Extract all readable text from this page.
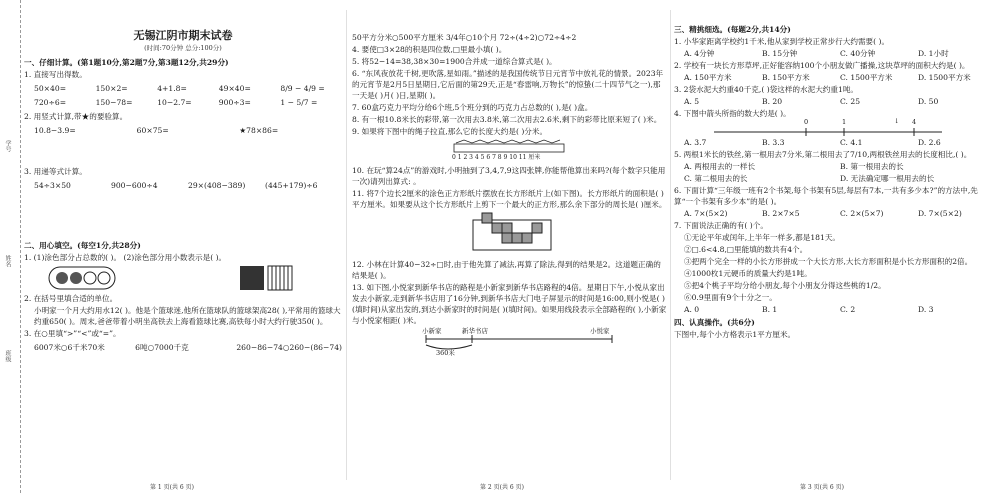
学号
姓名
班级
无锡江阴市期末试卷
(时间:70分钟 总分:100分)
一、仔细计算。(第1题10分,第2题7分,第3题12分,共29分)
1. 直接写出得数。
50×40=	150×2=	4+1.8=	49×40=	8/9 − 4/9 =
720÷6=	150−78=	10−2.7=	900÷3=	1 − 5/7 =
2. 用竖式计算,带★的要验算。
10.8−3.9=	60×75=	★78×86=
3. 用递等式计算。
54÷3×50	900−600÷4	29×(408−389)	(445+179)÷6
二、用心填空。(每空1分,共28分)
1. (1)涂色部分占总数的( )。 (2)涂色部分用小数表示是( )。
2. 在括号里填合适的单位。
小明家一个月大约用水12( )。他是个篮球迷,他所在篮球队的篮球架高28( ),平常用的篮球大约重650( )。周末,爸爸带着小明坐高铁去上海看篮球比赛,高铁每小时大约行驶350( )。
3. 在○里填“>”“<”或“=”。
6007米○6千米70米	6吨○7000千克	260−86−74○260−(86−74)
第 1 页(共 6 页)
50平方分米○500平方厘米 3/4年○10个月 72÷(4÷2)○72÷4÷2
4. 要使□3×28的积是四位数,□里最小填( )。
5. 将52−14=38,38×30=1900合并成一道综合算式是( )。
6. “东风夜放花千树,更吹落,星如雨。”描述的是我国传统节日元宵节中放礼花的情景。2023年的元宵节是2月5日星期日,它后面的第29天,正是“春雷响,万物长”的惊蛰(二十四节气之一),那一天是( )月( )日,星期( )。
7. 60盒巧克力平均分给6个班,5个班分到的巧克力占总数的( ),是( )盒。
8. 有一根10.8米长的彩带,第一次用去3.8米,第二次用去2.6米,剩下的彩带比原来短了( )米。
9. 如果将下图中的绳子拉直,那么它的长度大约是( )分米。
0 1 2 3 4 5 6 7 8 9 10 11 厘米
10. 在玩“算24点”的游戏时,小明抽到了3,4,7,9这四张牌,你能帮他算出来吗?(每个数字只能用一次)请列出算式: 。
11. 将7个边长2厘米的涂色正方形纸片摆放在长方形纸片上(如下图)。长方形纸片的面积是( )平方厘米。如果要从这个长方形纸片上剪下一个最大的正方形,那么余下部分的周长是( )厘米。
12. 小林在计算40−32÷□时,由于他先算了减法,再算了除法,得到的结果是2。这道题正确的结果是( )。
13. 如下图,小悦家到新华书店的路程是小新家到新华书店路程的4倍。星期日下午,小悦从家出发去小新家,走到新华书店用了16分钟,到新华书店大门电子屏显示的时间是16:00,则小悦是( )(填时间)从家出发的,到达小新家时的时间是( )(填时间)。如果用线段表示全部路程的( ),小新家与小悦家相距( )米。
小新家	新华书店	小悦家
360米
第 2 页(共 6 页)
三、精挑细选。(每题2分,共14分)
1. 小华家距离学校约1千米,他从家到学校正常步行大约需要( )。
A. 4分钟	B. 15分钟	C. 40分钟	D. 1小时
2. 学校有一块长方形草坪,正好能容纳100个小朋友做广播操,这块草坪的面积大约是( )。
A. 150平方米	B. 150平方米	C. 1500平方米	D. 1500平方米
3. 2袋水泥大约重40千克,( )袋这样的水泥大约重1吨。
A. 5	B. 20	C. 25	D. 50
4. 下图中箭头所指的数大约是( )。
0	1	↓ 4
A. 3.7	B. 3.3	C. 4.1	D. 2.6
5. 两根1米长的铁丝,第一根用去7分米,第二根用去了7/10,两根铁丝用去的长度相比,( )。
A. 两根用去的一样长	B. 第一根用去的长
C. 第二根用去的长	D. 无法确定哪一根用去的长
6. 下面计算“三年级一班有2个书架,每个书架有5层,每层有7本,一共有多少本?”的方法中,先算“一个书架有多少本”的是( )。
A. 7×(5×2)	B. 2×7×5	C. 2×(5×7)	D. 7×(5×2)
7. 下面说法正确的有( )个。
①无论平年或闰年,上半年一样多,都是181天。
②□.6<4.8,□里能填的数共有4个。
③把两个完全一样的小长方形拼成一个大长方形,大长方形面积是小长方形面积的2倍。
④1000枚1元硬币的质量大约是1吨。
⑤把4个桃子平均分给小朋友,每个小朋友分得这些桃的1/2。
⑥0.9里面有9个十分之一。
A. 0	B. 1	C. 2	D. 3
四、认真操作。(共6分)
下图中,每个小方格表示1平方厘米。
第 3 页(共 6 页)
